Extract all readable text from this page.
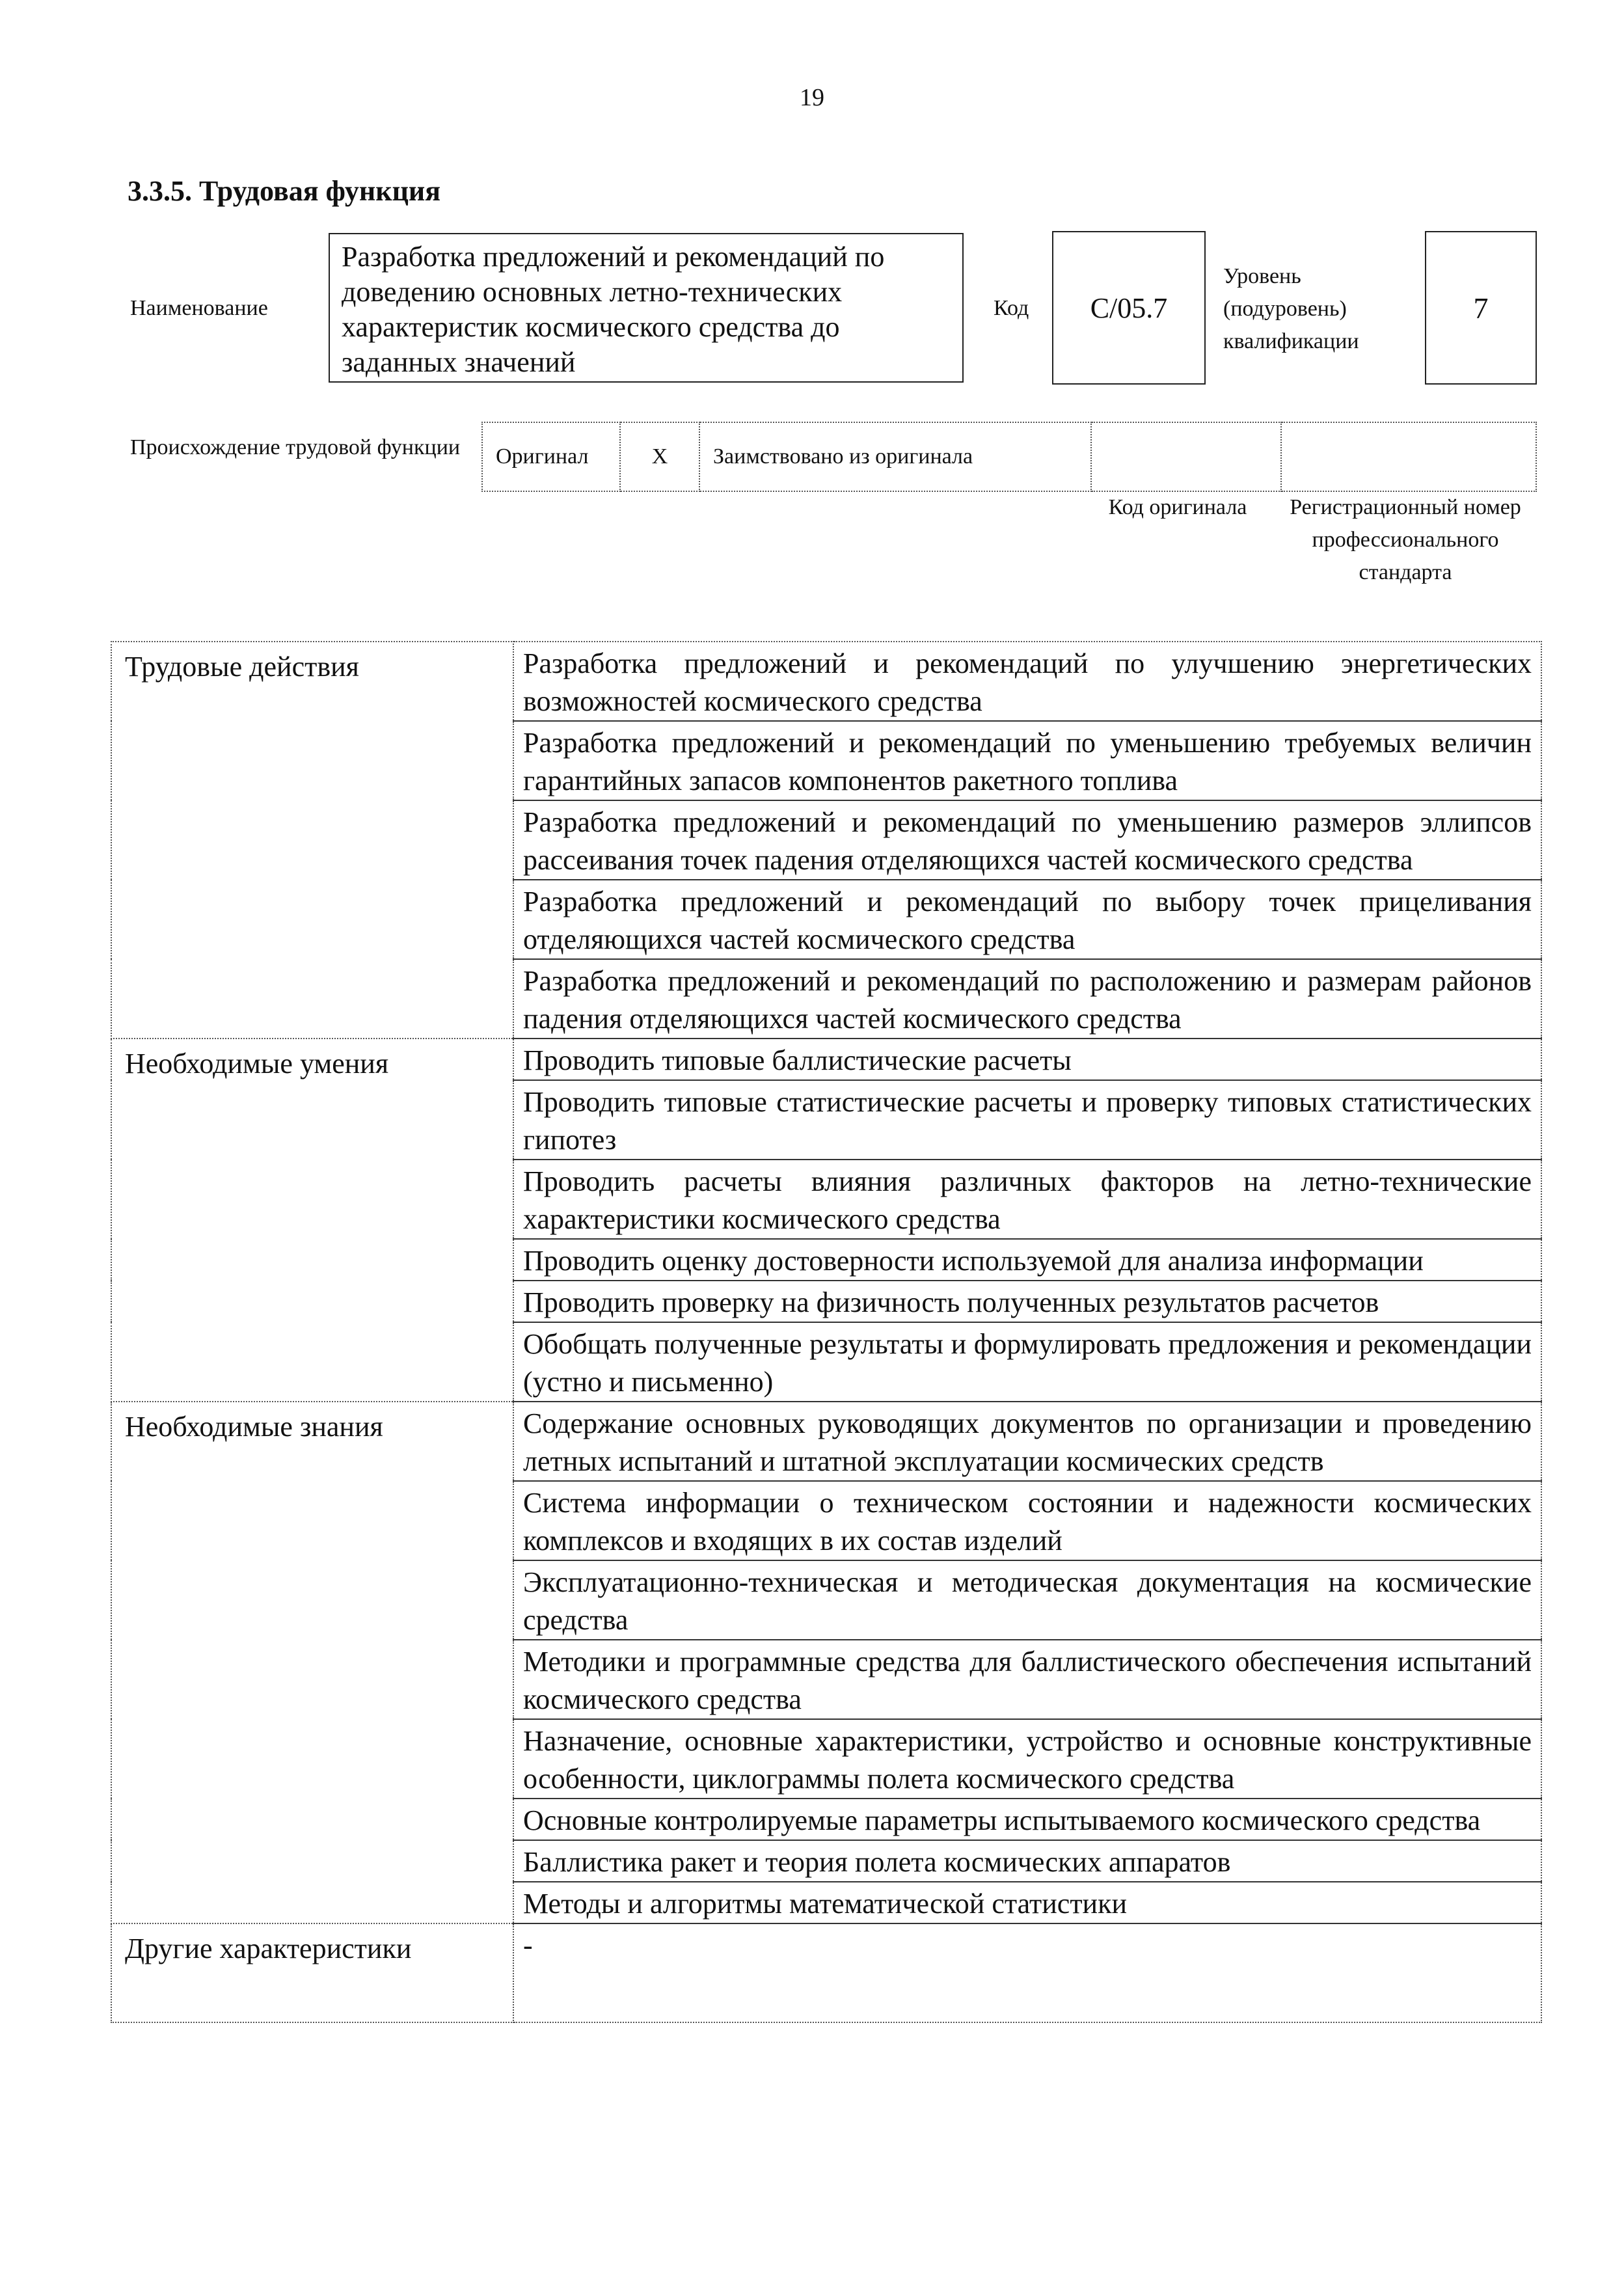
19
3.3.5. Трудовая функция
Наименование
Разработка предложений и рекомендаций по доведению основных летно-технических характеристик космического средства до заданных значений
Код	C/05.7
Уровень (подуровень) квалификации
7
Происхождение трудовой функции	Оригинал	X	Заимствовано из оригинала		
Код оригинала	Регистрационный номер профессионального стандарта
Трудовые действия	Разработка предложений и рекомендаций по улучшению энергетических возможностей космического средства
	Разработка предложений и рекомендаций по уменьшению требуемых величин гарантийных запасов компонентов ракетного топлива
	Разработка предложений и рекомендаций по уменьшению размеров эллипсов рассеивания точек падения отделяющихся частей космического средства
	Разработка предложений и рекомендаций по выбору точек прицеливания отделяющихся частей космического средства
	Разработка предложений и рекомендаций по расположению и размерам районов падения отделяющихся частей космического средства
Необходимые умения	Проводить типовые баллистические расчеты
	Проводить типовые статистические расчеты и проверку типовых статистических гипотез
	Проводить расчеты влияния различных факторов на летно-технические характеристики космического средства
	Проводить оценку достоверности используемой для анализа информации
	Проводить проверку на физичность полученных результатов расчетов
	Обобщать полученные результаты и формулировать предложения и рекомендации (устно и письменно)
Необходимые знания	Содержание основных руководящих документов по организации и проведению летных испытаний и штатной эксплуатации космических средств
	Система информации о техническом состоянии и надежности космических комплексов и входящих в их состав изделий
	Эксплуатационно-техническая и методическая документация на космические средства
	Методики и программные средства для баллистического обеспечения испытаний космического средства
	Назначение, основные характеристики, устройство и основные конструктивные особенности, циклограммы полета космического средства
	Основные контролируемые параметры испытываемого космического средства
	Баллистика ракет и теория полета космических аппаратов
	Методы и алгоритмы математической статистики
Другие характеристики	-
